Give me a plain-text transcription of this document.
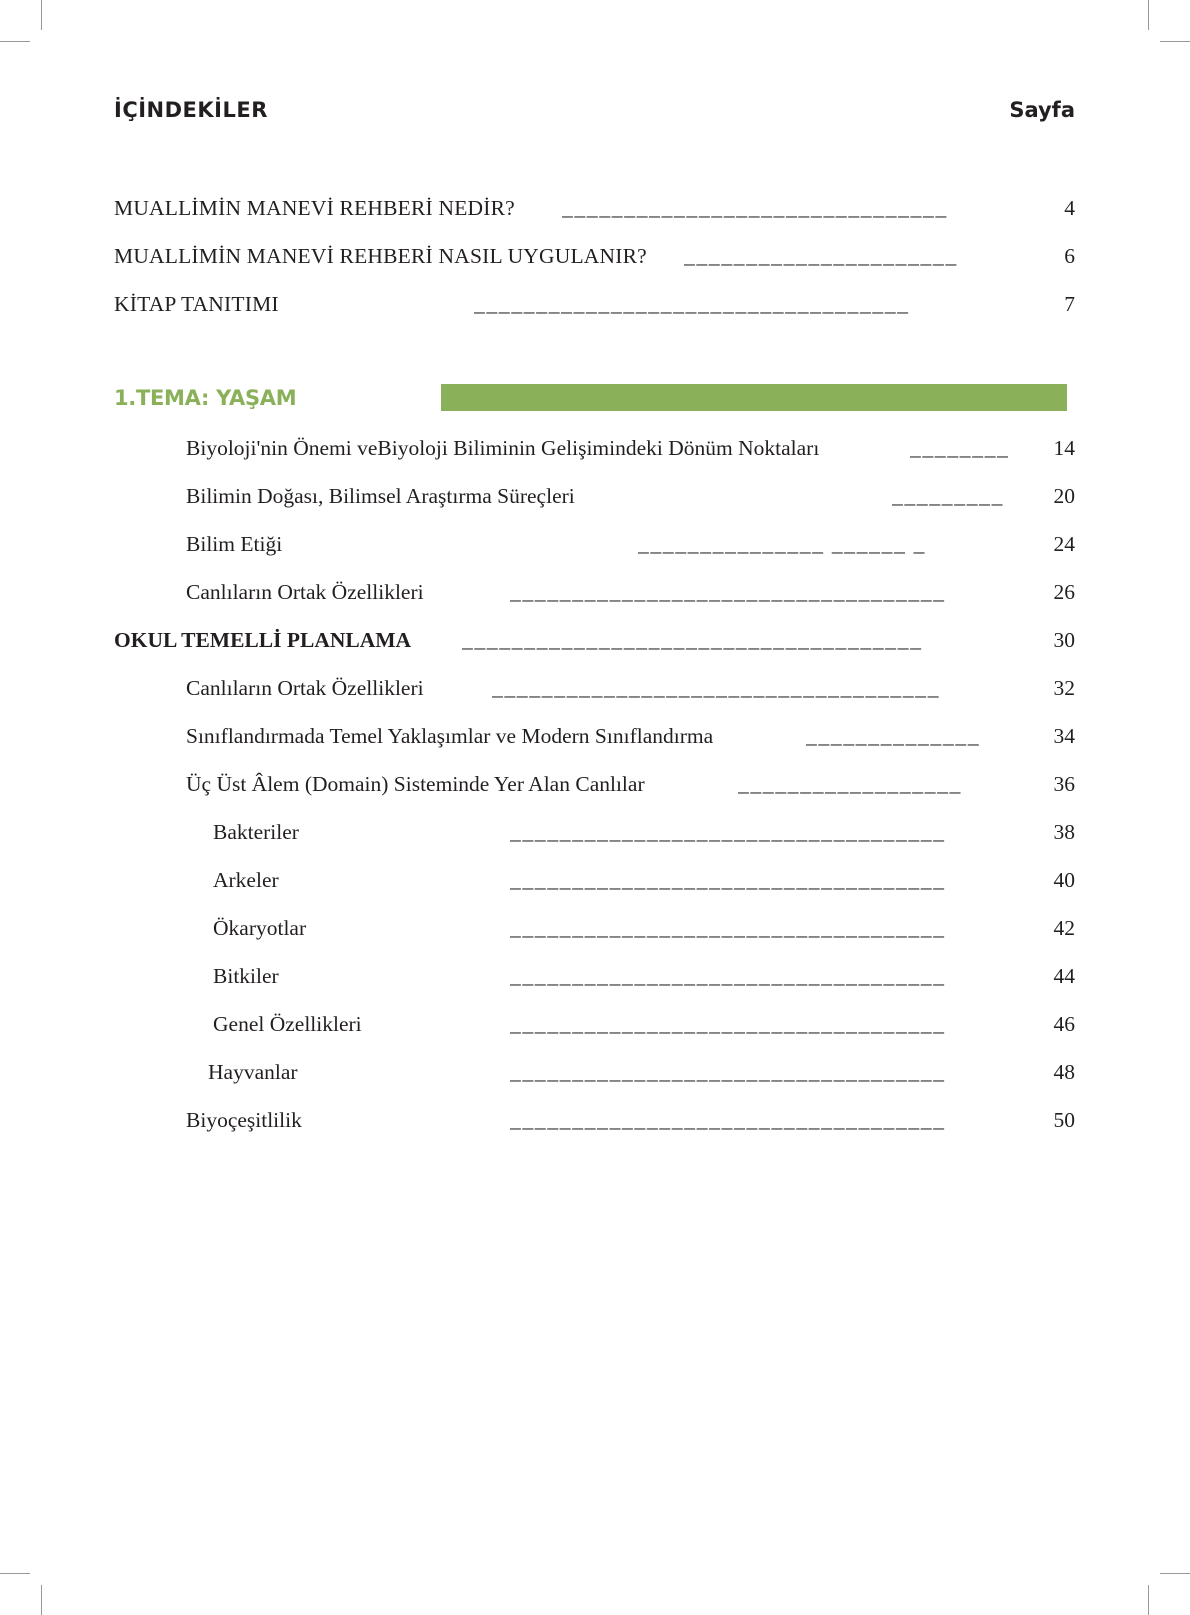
İÇİNDEKİLER	Sayfa
MUALLİMİN MANEVİ REHBERİ NEDİR? _______________________________	4
MUALLİMİN MANEVİ REHBERİ NASIL UYGULANIR? ______________________	6
KİTAP TANITIMI	___________________________________	7
1.TEMA: YAŞAM
Biyoloji'nin Önemi veBiyoloji Biliminin Gelişimindeki Dönüm Noktaları	________	14
Bilimin Doğası, Bilimsel Araştırma Süreçleri	_________	20
Bilim Etiği	_______________ ______ _	24
Canlıların Ortak Özellikleri	___________________________________	26
OKUL TEMELLİ PLANLAMA _____________________________________	30
Canlıların Ortak Özellikleri	____________________________________	32
Sınıflandırmada Temel Yaklaşımlar ve Modern Sınıflandırma	______________	34
Üç Üst Âlem (Domain) Sisteminde Yer Alan Canlılar	__________________	36
Bakteriler	___________________________________	38
Arkeler	___________________________________	40
Ökaryotlar	___________________________________	42
Bitkiler	___________________________________	44
Genel Özellikleri	___________________________________	46
Hayvanlar	___________________________________	48
Biyoçeşitlilik	___________________________________	50
